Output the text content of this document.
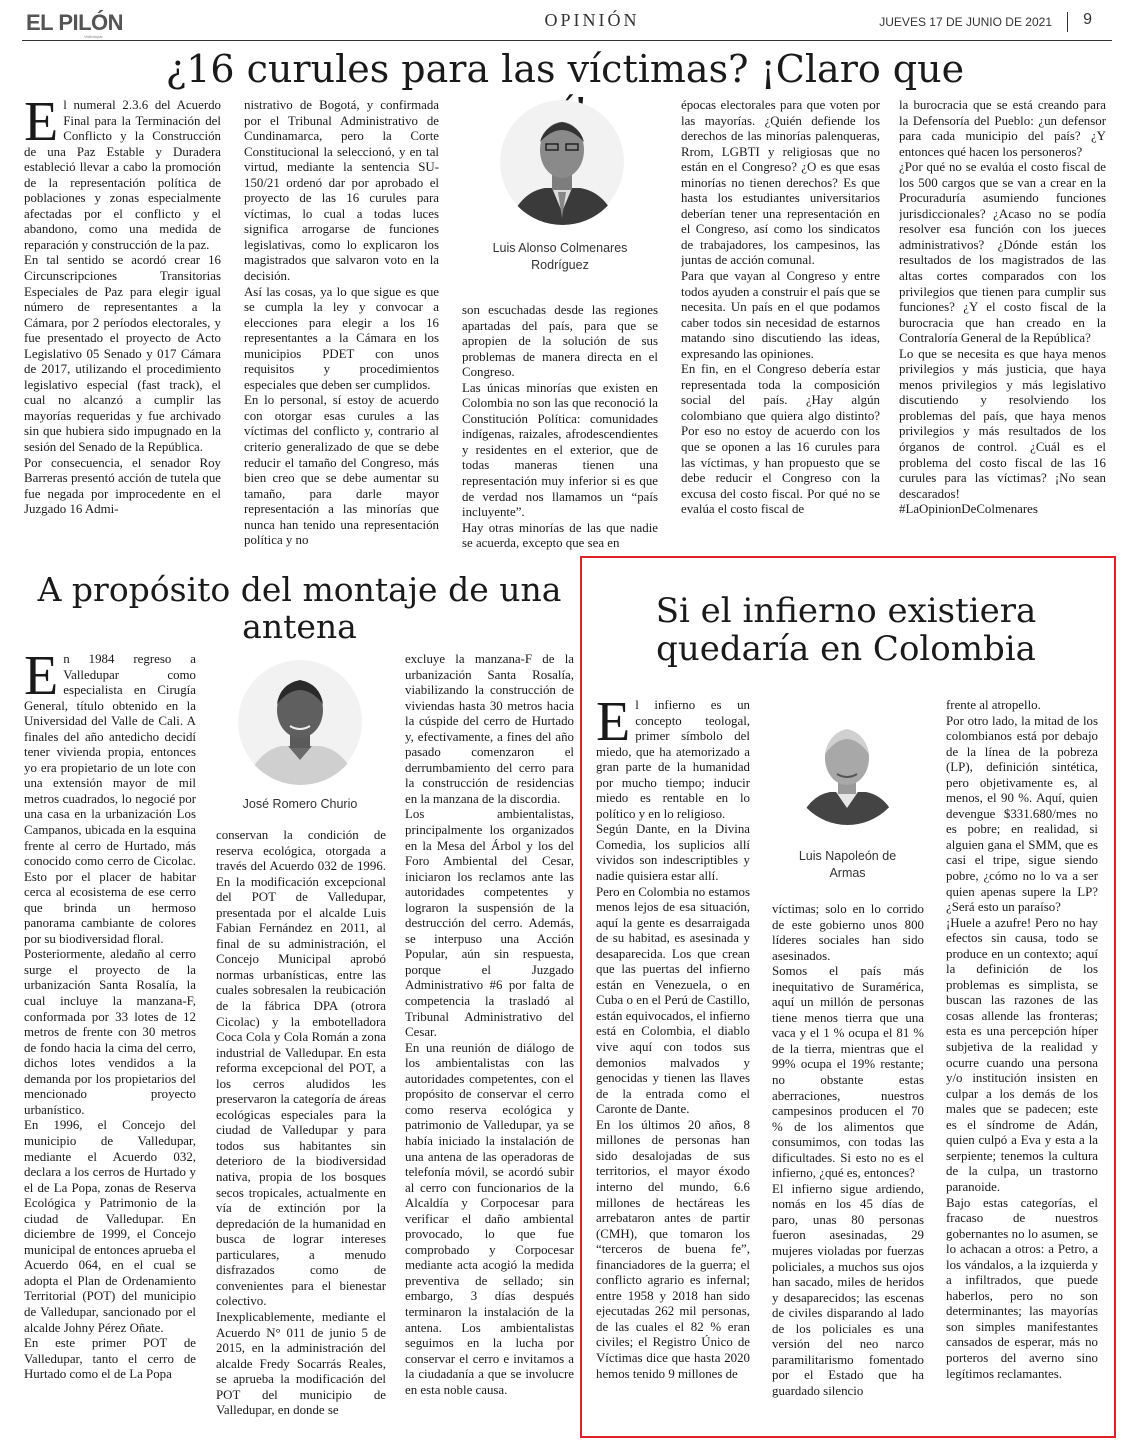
EL PILÓN
Valledupar
OPINIÓN	JUEVES 17 DE JUNIO DE 2021 9
¿16 curules para las víctimas? ¡Claro que
El numeral 2.3.6 del Acuerdo Final para la Terminación del Conflicto y la Construcción de una Paz Estable y Duradera estableció llevar a cabo la promoción de la representación política de poblaciones y zonas especialmente afectadas por el conflicto y el abandono, como una medida de reparación y construcción de la paz.
En tal sentido se acordó crear 16 Circunscripciones Transitorias Especiales de Paz para elegir igual número de representantes a la Cámara, por 2 períodos electorales, y fue presentado el proyecto de Acto Legislativo 05 Senado y 017 Cámara de 2017, utilizando el procedimiento legislativo especial (fast track), el cual no alcanzó a cumplir las mayorías requeridas y fue archivado sin que hubiera sido impugnado en la sesión del Senado de la República.
Por consecuencia, el senador Roy Barreras presentó acción de tutela que fue negada por improcedente en el Juzgado 16 Admi-
nistrativo de Bogotá, y confirmada por el Tribunal Administrativo de Cundinamarca, pero la Corte Constitucional la seleccionó, y en tal virtud, mediante la sentencia SU-150/21 ordenó dar por aprobado el proyecto de las 16 curules para víctimas, lo cual a todas luces significa arrogarse de funciones legislativas, como lo explicaron los magistrados que salvaron voto en la decisión.
Así las cosas, ya lo que sigue es que se cumpla la ley y convocar a elecciones para elegir a los 16 representantes a la Cámara en los municipios PDET con unos requisitos y procedimientos especiales que deben ser cumplidos.
En lo personal, sí estoy de acuerdo con otorgar esas curules a las víctimas del conflicto y, contrario al criterio generalizado de que se debe reducir el tamaño del Congreso, más bien creo que se debe aumentar su tamaño, para darle mayor representación a las minorías que nunca han tenido una representación política y no
Luis Alonso Colmenares
Rodríguez
son escuchadas desde las regiones apartadas del país, para que se apropien de la solución de sus problemas de manera directa en el Congreso.
Las únicas minorías que existen en Colombia no son las que reconoció la Constitución Política: comunidades indígenas, raizales, afrodescendientes y residentes en el exterior, que de todas maneras tienen una representación muy inferior si es que de verdad nos llamamos un “país incluyente”.
Hay otras minorías de las que nadie se acuerda, excepto que sea en
épocas electorales para que voten por las mayorías. ¿Quién defiende los derechos de las minorías palenqueras, Rrom, LGBTI y religiosas que no están en el Congreso? ¿O es que esas minorías no tienen derechos? Es que hasta los estudiantes universitarios deberían tener una representación en el Congreso, así como los sindicatos de trabajadores, los campesinos, las juntas de acción comunal.
Para que vayan al Congreso y entre todos ayuden a construir el país que se necesita. Un país en el que podamos caber todos sin necesidad de estarnos matando sino discutiendo las ideas, expresando las opiniones.
En fin, en el Congreso debería estar representada toda la composición social del país. ¿Hay algún colombiano que quiera algo distinto? Por eso no estoy de acuerdo con los que se oponen a las 16 curules para las víctimas, y han propuesto que se debe reducir el Congreso con la excusa del costo fiscal. Por qué no se evalúa el costo fiscal de
la burocracia que se está creando para la Defensoría del Pueblo: ¿un defensor para cada municipio del país? ¿Y entonces qué hacen los personeros?
¿Por qué no se evalúa el costo fiscal de los 500 cargos que se van a crear en la Procuraduría asumiendo funciones jurisdiccionales? ¿Acaso no se podía resolver esa función con los jueces administrativos? ¿Dónde están los resultados de los magistrados de las altas cortes comparados con los privilegios que tienen para cumplir sus funciones? ¿Y el costo fiscal de la burocracia que han creado en la Contraloría General de la República?
Lo que se necesita es que haya menos privilegios y más justicia, que haya menos privilegios y más legislativo discutiendo y resolviendo los problemas del país, que haya menos privilegios y más resultados de los órganos de control. ¿Cuál es el problema del costo fiscal de las 16 curules para las víctimas? ¡No sean descarados!
#LaOpinionDeColmenares
A propósito del montaje de una antena
En 1984 regreso a Valledupar como especialista en Cirugía General, título obtenido en la Universidad del Valle de Cali. A finales del año antedicho decidí tener vivienda propia, entonces yo era propietario de un lote con una extensión mayor de mil metros cuadrados, lo negocié por una casa en la urbanización Los Campanos, ubicada en la esquina frente al cerro de Hurtado, más conocido como cerro de Cicolac. Esto por el placer de habitar cerca al ecosistema de ese cerro que brinda un hermoso panorama cambiante de colores por su biodiversidad floral.
Posteriormente, aledaño al cerro surge el proyecto de la urbanización Santa Rosalía, la cual incluye la manzana-F, conformada por 33 lotes de 12 metros de frente con 30 metros de fondo hacia la cima del cerro, dichos lotes vendidos a la demanda por los propietarios del mencionado proyecto urbanístico.
En 1996, el Concejo del municipio de Valledupar, mediante el Acuerdo 032, declara a los cerros de Hurtado y el de La Popa, zonas de Reserva Ecológica y Patrimonio de la ciudad de Valledupar. En diciembre de 1999, el Concejo municipal de entonces aprueba el Acuerdo 064, en el cual se adopta el Plan de Ordenamiento Territorial (POT) del municipio de Valledupar, sancionado por el alcalde Johny Pérez Oñate.
En este primer POT de Valledupar, tanto el cerro de Hurtado como el de La Popa
José Romero Churio
conservan la condición de reserva ecológica, otorgada a través del Acuerdo 032 de 1996. En la modificación excepcional del POT de Valledupar, presentada por el alcalde Luis Fabian Fernández en 2011, al final de su administración, el Concejo Municipal aprobó normas urbanísticas, entre las cuales sobresalen la reubicación de la fábrica DPA (otrora Cicolac) y la embotelladora Coca Cola y Cola Román a zona industrial de Valledupar. En esta reforma excepcional del POT, a los cerros aludidos les preservaron la categoría de áreas ecológicas especiales para la ciudad de Valledupar y para todos sus habitantes sin deterioro de la biodiversidad nativa, propia de los bosques secos tropicales, actualmente en vía de extinción por la depredación de la humanidad en busca de lograr intereses particulares, a menudo disfrazados como de convenientes para el bienestar colectivo.
Inexplicablemente, mediante el Acuerdo N° 011 de junio 5 de 2015, en la administración del alcalde Fredy Socarrás Reales, se aprueba la modificación del POT del municipio de Valledupar, en donde se
excluye la manzana-F de la urbanización Santa Rosalía, viabilizando la construcción de viviendas hasta 30 metros hacia la cúspide del cerro de Hurtado y, efectivamente, a fines del año pasado comenzaron el derrumbamiento del cerro para la construcción de residencias en la manzana de la discordia.
Los ambientalistas, principalmente los organizados en la Mesa del Árbol y los del Foro Ambiental del Cesar, iniciaron los reclamos ante las autoridades competentes y lograron la suspensión de la destrucción del cerro. Además, se interpuso una Acción Popular, aún sin respuesta, porque el Juzgado Administrativo #6 por falta de competencia la trasladó al Tribunal Administrativo del Cesar.
En una reunión de diálogo de los ambientalistas con las autoridades competentes, con el propósito de conservar el cerro como reserva ecológica y patrimonio de Valledupar, ya se había iniciado la instalación de una antena de las operadoras de telefonía móvil, se acordó subir al cerro con funcionarios de la Alcaldía y Corpocesar para verificar el daño ambiental provocado, lo que fue comprobado y Corpocesar mediante acta acogió la medida preventiva de sellado; sin embargo, 3 días después terminaron la instalación de la antena. Los ambientalistas seguimos en la lucha por conservar el cerro e invitamos a la ciudadanía a que se involucre en esta noble causa.
Si el infierno existiera
quedaría en Colombia
El infierno es un concepto teologal, primer símbolo del miedo, que ha atemorizado a gran parte de la humanidad por mucho tiempo; inducir miedo es rentable en lo político y en lo religioso.
Según Dante, en la Divina Comedia, los suplicios allí vividos son indescriptibles y nadie quisiera estar allí.
Pero en Colombia no estamos menos lejos de esa situación, aquí la gente es desarraigada de su habitad, es asesinada y desaparecida. Los que crean que las puertas del infierno están en Venezuela, o en Cuba o en el Perú de Castillo, están equivocados, el infierno está en Colombia, el diablo vive aquí con todos sus demonios malvados y genocidas y tienen las llaves de la entrada como el Caronte de Dante.
En los últimos 20 años, 8 millones de personas han sido desalojadas de sus territorios, el mayor éxodo interno del mundo, 6.6 millones de hectáreas les arrebataron antes de partir (CMH), que tomaron los “terceros de buena fe”, financiadores de la guerra; el conflicto agrario es infernal; entre 1958 y 2018 han sido ejecutadas 262 mil personas, de las cuales el 82 % eran civiles; el Registro Único de Víctimas dice que hasta 2020 hemos tenido 9 millones de
Luis Napoleón de
Armas
víctimas; solo en lo corrido de este gobierno unos 800 líderes sociales han sido asesinados.
Somos el país más inequitativo de Suramérica, aquí un millón de personas tiene menos tierra que una vaca y el 1 % ocupa el 81 % de la tierra, mientras que el 99% ocupa el 19% restante; no obstante estas aberraciones, nuestros campesinos producen el 70 % de los alimentos que consumimos, con todas las dificultades. Si esto no es el infierno, ¿qué es, entonces?
El infierno sigue ardiendo, nomás en los 45 días de paro, unas 80 personas fueron asesinadas, 29 mujeres violadas por fuerzas policiales, a muchos sus ojos han sacado, miles de heridos y desaparecidos; las escenas de civiles disparando al lado de los policiales es una versión del neo narco paramilitarismo fomentado por el Estado que ha guardado silencio
frente al atropello.
Por otro lado, la mitad de los colombianos está por debajo de la línea de la pobreza (LP), definición sintética, pero objetivamente es, al menos, el 90 %. Aquí, quien devengue $331.680/mes no es pobre; en realidad, si alguien gana el SMM, que es casi el tripe, sigue siendo pobre, ¿cómo no lo va a ser quien apenas supere la LP? ¿Será esto un paraíso?
¡Huele a azufre! Pero no hay efectos sin causa, todo se produce en un contexto; aquí la definición de los problemas es simplista, se buscan las razones de las cosas allende las fronteras; esta es una percepción híper subjetiva de la realidad y ocurre cuando una persona y/o institución insisten en culpar a los demás de los males que se padecen; este es el síndrome de Adán, quien culpó a Eva y esta a la serpiente; tenemos la cultura de la culpa, un trastorno paranoide.
Bajo estas categorías, el fracaso de nuestros gobernantes no lo asumen, se lo achacan a otros: a Petro, a los vándalos, a la izquierda y a infiltrados, que puede haberlos, pero no son determinantes; las mayorías son simples manifestantes cansados de esperar, más no porteros del averno sino legítimos reclamantes.
